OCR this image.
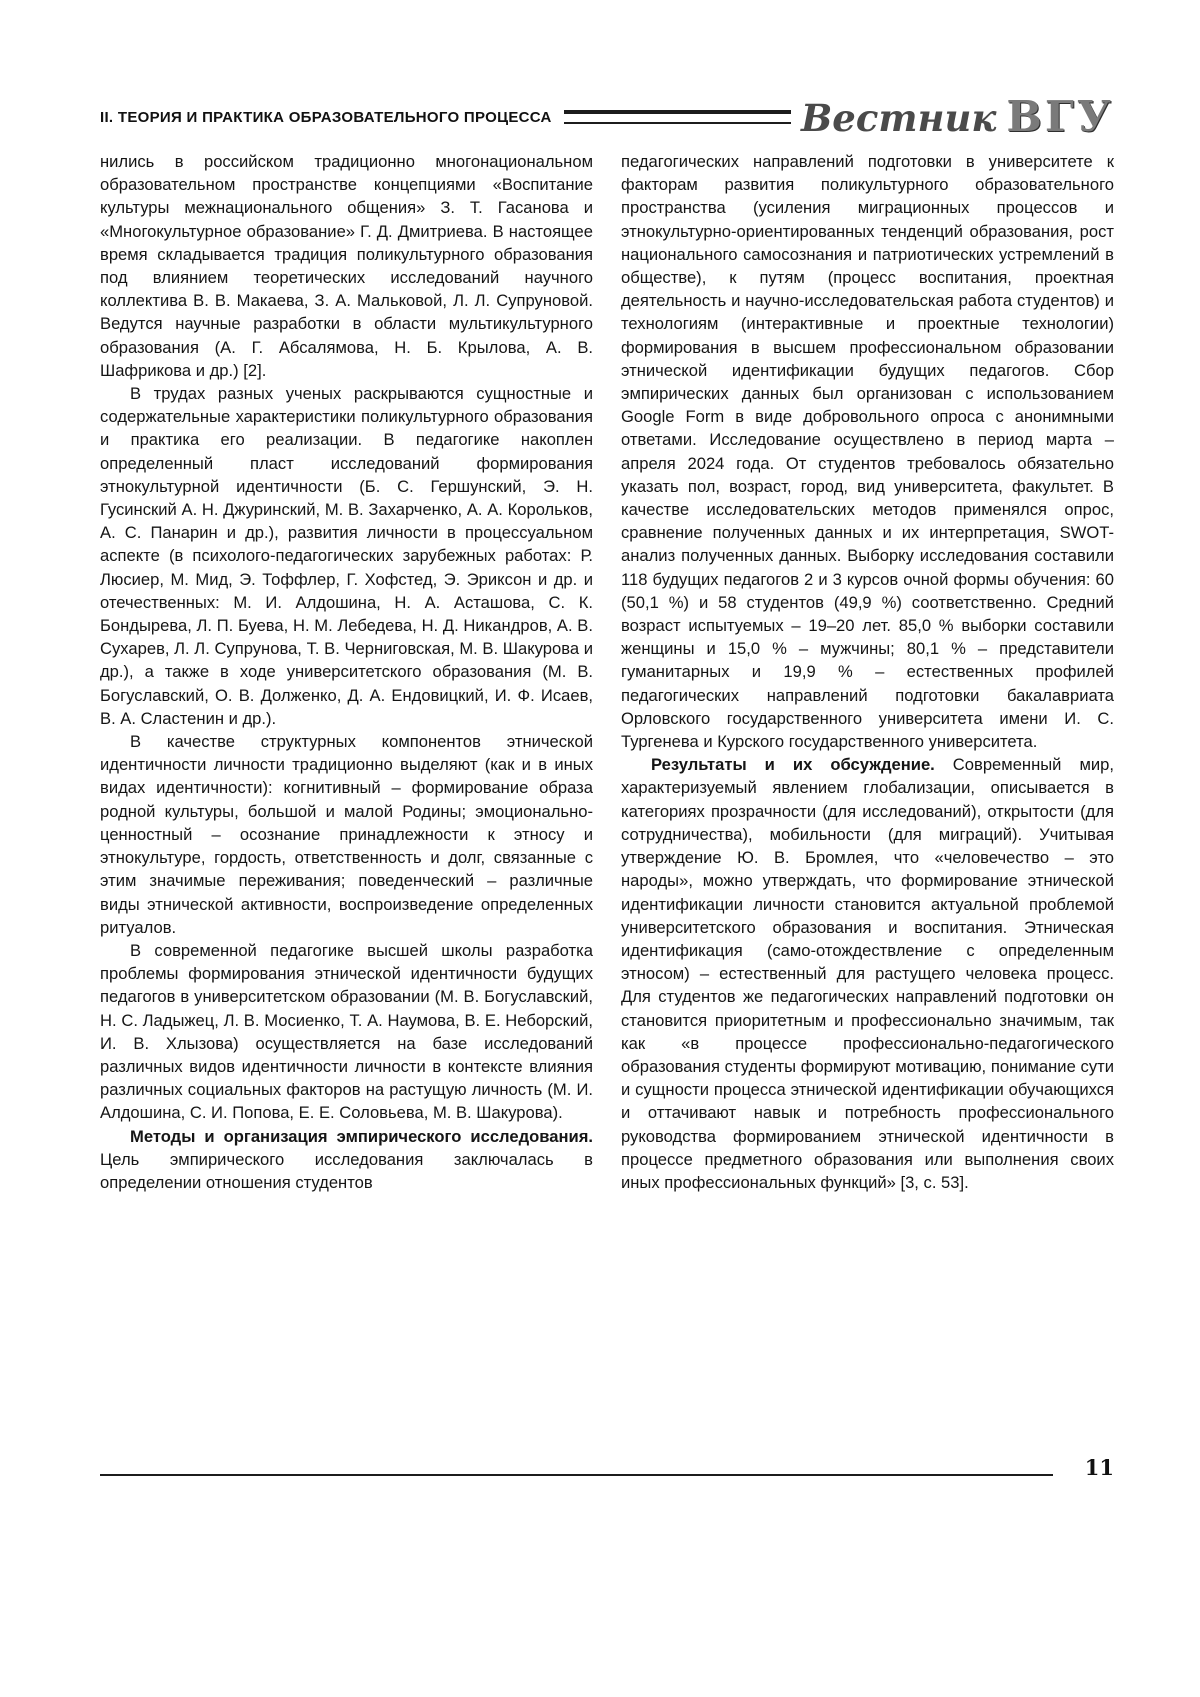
II. ТЕОРИЯ И ПРАКТИКА ОБРАЗОВАТЕЛЬНОГО ПРОЦЕССА	Вестник ВГУ

нились в российском традиционно многонациональном образовательном пространстве концепциями «Воспитание культуры межнационального общения» З. Т. Гасанова и «Многокультурное образование» Г. Д. Дмитриева. В настоящее время складывается традиция поликультурного образования под влиянием теоретических исследований научного коллектива В. В. Макаева, З. А. Мальковой, Л. Л. Супруновой. Ведутся научные разработки в области мультикультурного образования (А. Г. Абсалямова, Н. Б. Крылова, А. В. Шафрикова и др.) [2].

В трудах разных ученых раскрываются сущностные и содержательные характеристики поликультурного образования и практика его реализации. В педагогике накоплен определенный пласт исследований формирования этнокультурной идентичности (Б. С. Гершунский, Э. Н. Гусинский А. Н. Джуринский, М. В. Захарченко, А. А. Корольков, А. С. Панарин и др.), развития личности в процессуальном аспекте (в психолого-педагогических зарубежных работах: Р. Люсиер, М. Мид, Э. Тоффлер, Г. Хофстед, Э. Эриксон и др. и отечественных: М. И. Алдошина, Н. А. Асташова, С. К. Бондырева, Л. П. Буева, Н. М. Лебедева, Н. Д. Никандров, А. В. Сухарев, Л. Л. Супрунова, Т. В. Черниговская, М. В. Шакурова и др.), а также в ходе университетского образования (М. В. Богуславский, О. В. Долженко, Д. А. Ендовицкий, И. Ф. Исаев, В. А. Сластенин и др.).

В качестве структурных компонентов этнической идентичности личности традиционно выделяют (как и в иных видах идентичности): когнитивный – формирование образа родной культуры, большой и малой Родины; эмоционально-ценностный – осознание принадлежности к этносу и этнокультуре, гордость, ответственность и долг, связанные с этим значимые переживания; поведенческий – различные виды этнической активности, воспроизведение определенных ритуалов.

В современной педагогике высшей школы разработка проблемы формирования этнической идентичности будущих педагогов в университетском образовании (М. В. Богуславский, Н. С. Ладыжец, Л. В. Мосиенко, Т. А. Наумова, В. Е. Неборский, И. В. Хлызова) осуществляется на базе исследований различных видов идентичности личности в контексте влияния различных социальных факторов на растущую личность (М. И. Алдошина, С. И. Попова, Е. Е. Соловьева, М. В. Шакурова).

Методы и организация эмпирического исследования. Цель эмпирического исследования заключалась в определении отношения студентов

педагогических направлений подготовки в университете к факторам развития поликультурного образовательного пространства (усиления миграционных процессов и этнокультурно-ориентированных тенденций образования, рост национального самосознания и патриотических устремлений в обществе), к путям (процесс воспитания, проектная деятельность и научно-исследовательская работа студентов) и технологиям (интерактивные и проектные технологии) формирования в высшем профессиональном образовании этнической идентификации будущих педагогов. Сбор эмпирических данных был организован с использованием Google Form в виде добровольного опроса с анонимными ответами. Исследование осуществлено в период марта – апреля 2024 года. От студентов требовалось обязательно указать пол, возраст, город, вид университета, факультет. В качестве исследовательских методов применялся опрос, сравнение полученных данных и их интерпретация, SWOT-анализ полученных данных. Выборку исследования составили 118 будущих педагогов 2 и 3 курсов очной формы обучения: 60 (50,1 %) и 58 студентов (49,9 %) соответственно. Средний возраст испытуемых – 19–20 лет. 85,0 % выборки составили женщины и 15,0 % – мужчины; 80,1 % – представители гуманитарных и 19,9 % – естественных профилей педагогических направлений подготовки бакалавриата Орловского государственного университета имени И. С. Тургенева и Курского государственного университета.

Результаты и их обсуждение. Современный мир, характеризуемый явлением глобализации, описывается в категориях прозрачности (для исследований), открытости (для сотрудничества), мобильности (для миграций). Учитывая утверждение Ю. В. Бромлея, что «человечество – это народы», можно утверждать, что формирование этнической идентификации личности становится актуальной проблемой университетского образования и воспитания. Этническая идентификация (само-отождествление с определенным этносом) – естественный для растущего человека процесс. Для студентов же педагогических направлений подготовки он становится приоритетным и профессионально значимым, так как «в процессе профессионально-педагогического образования студенты формируют мотивацию, понимание сути и сущности процесса этнической идентификации обучающихся и оттачивают навык и потребность профессионального руководства формированием этнической идентичности в процессе предметного образования или выполнения своих иных профессиональных функций» [3, с. 53].

11
